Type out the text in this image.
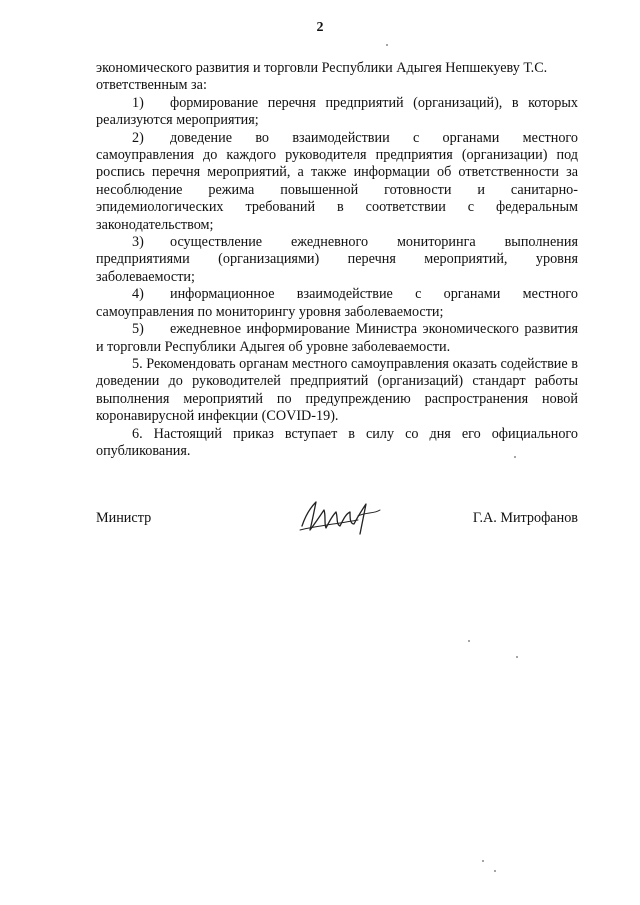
2

экономического развития и торговли Республики Адыгея Непшекуеву Т.С.

ответственным за:

1) формирование перечня предприятий (организаций), в которых реализуются мероприятия;

2) доведение во взаимодействии с органами местного самоуправления до каждого руководителя предприятия (организации) под роспись перечня мероприятий, а также информации об ответственности за несоблюдение режима повышенной готовности и санитарно-эпидемиологических требований в соответствии с федеральным законодательством;

3) осуществление ежедневного мониторинга выполнения предприятиями (организациями) перечня мероприятий, уровня заболеваемости;

4) информационное взаимодействие с органами местного самоуправления по мониторингу уровня заболеваемости;

5) ежедневное информирование Министра экономического развития и торговли Республики Адыгея об уровне заболеваемости.

5. Рекомендовать органам местного самоуправления оказать содействие в доведении до руководителей предприятий (организаций) стандарт работы выполнения мероприятий по предупреждению распространения новой коронавирусной инфекции (COVID-19).

6. Настоящий приказ вступает в силу со дня его официального опубликования.

Министр	Г.А. Митрофанов
